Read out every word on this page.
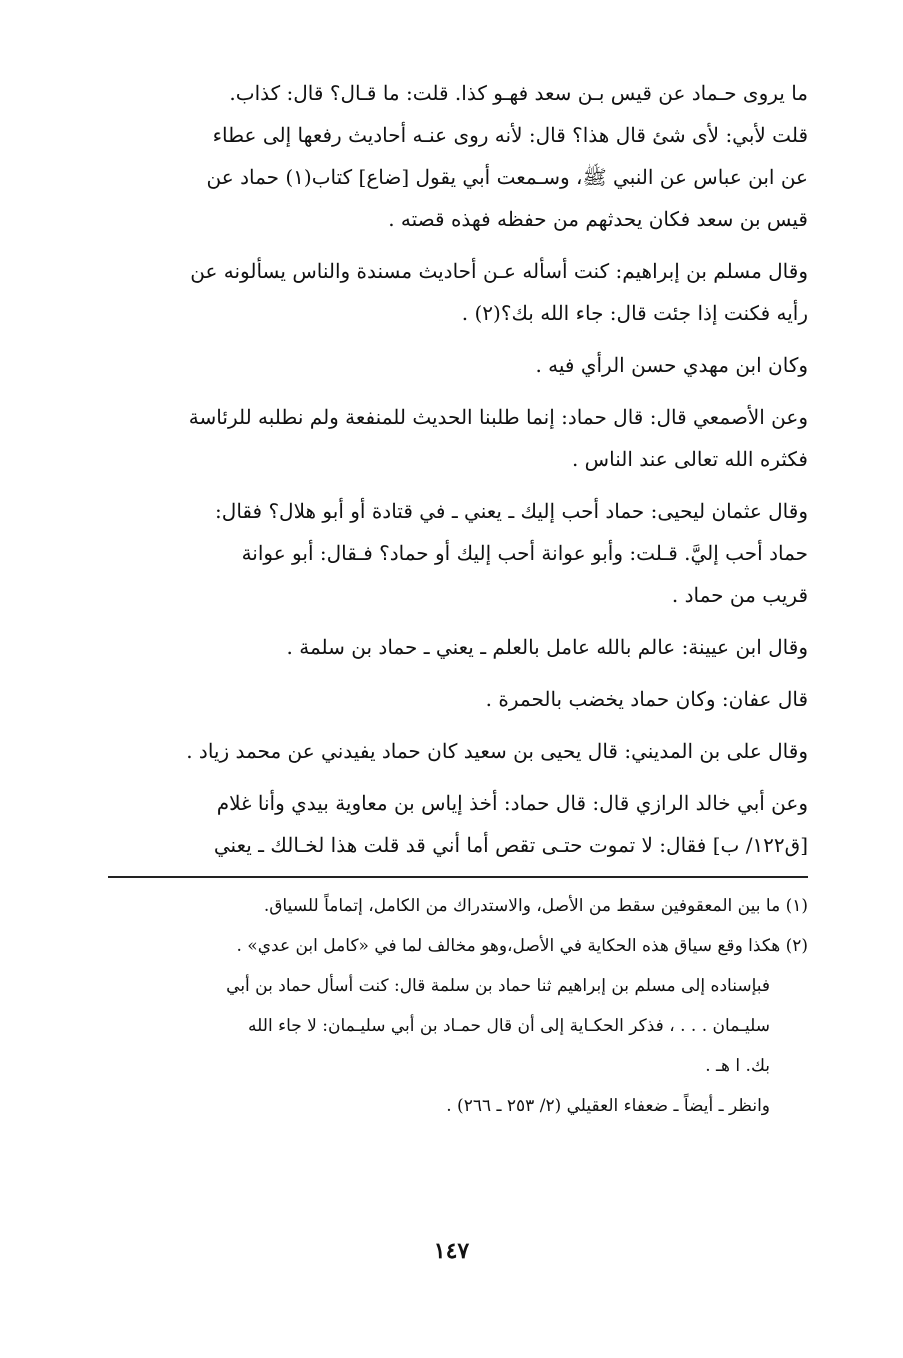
ما يروى حـماد عن قيس بـن سعد فهـو كذا. قلت: ما قـال؟ قال: كذاب.
قلت لأبي: لأى شئ قال هذا؟ قال: لأنه روى عنـه أحاديث رفعها إلى عطاء
عن ابن عباس عن النبي ﷺ، وسـمعت أبي يقول [ضاع] كتاب(١) حماد عن
قيس بن سعد فكان يحدثهم من حفظه فهذه قصته .
وقال مسلم بن إبراهيم: كنت أسأله عـن أحاديث مسندة والناس يسألونه عن
رأيه فكنت إذا جئت قال: جاء الله بك؟(٢) .
وكان ابن مهدي حسن الرأي فيه .
وعن الأصمعي قال: قال حماد: إنما طلبنا الحديث للمنفعة ولم نطلبه للرئاسة
فكثره الله تعالى عند الناس .
وقال عثمان ليحيى: حماد أحب إليك ـ يعني ـ في قتادة أو أبو هلال؟ فقال:
حماد أحب إليَّ. قـلت: وأبو عوانة أحب إليك أو حماد؟ فـقال: أبو عوانة
قريب من حماد .
وقال ابن عيينة: عالم بالله عامل بالعلم ـ يعني ـ حماد بن سلمة .
قال عفان: وكان حماد يخضب بالحمرة .
وقال على بن المديني: قال يحيى بن سعيد كان حماد يفيدني عن محمد زياد .
وعن أبي خالد الرازي قال: قال حماد: أخذ إياس بن معاوية بيدي وأنا غلام
[ق١٢٢/ ب] فقال: لا تموت حتـى تقص أما أني قد قلت هذا لخـالك ـ يعني
(١) ما بين المعقوفين سقط من الأصل، والاستدراك من الكامل، إتماماً للسياق.
(٢) هكذا وقع سياق هذه الحكاية في الأصل،وهو مخالف لما في «كامل ابن عدي» .
فبإسناده إلى مسلم بن إبراهيم ثنا حماد بن سلمة قال: كنت أسأل حماد بن أبي
سليـمان . . . ، فذكر الحكـاية إلى أن قال حمـاد بن أبي سليـمان: لا جاء الله
بك. ا هـ .
وانظر ـ أيضاً ـ ضعفاء العقيلي (٢/ ٢٥٣ ـ ٢٦٦) .
١٤٧
